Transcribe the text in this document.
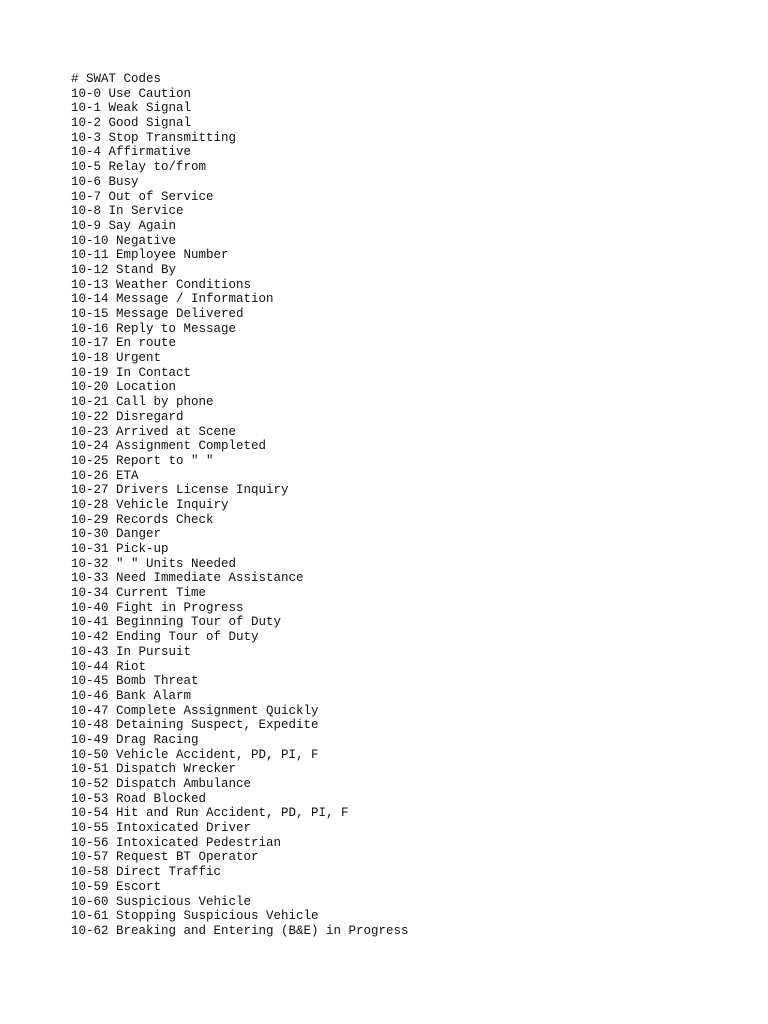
# SWAT Codes
10-0 Use Caution
10-1 Weak Signal
10-2 Good Signal
10-3 Stop Transmitting
10-4 Affirmative
10-5 Relay to/from
10-6 Busy
10-7 Out of Service
10-8 In Service
10-9 Say Again
10-10 Negative
10-11 Employee Number
10-12 Stand By
10-13 Weather Conditions
10-14 Message / Information
10-15 Message Delivered
10-16 Reply to Message
10-17 En route
10-18 Urgent
10-19 In Contact
10-20 Location
10-21 Call by phone
10-22 Disregard
10-23 Arrived at Scene
10-24 Assignment Completed
10-25 Report to " "
10-26 ETA
10-27 Drivers License Inquiry
10-28 Vehicle Inquiry
10-29 Records Check
10-30 Danger
10-31 Pick-up
10-32 " " Units Needed
10-33 Need Immediate Assistance
10-34 Current Time
10-40 Fight in Progress
10-41 Beginning Tour of Duty
10-42 Ending Tour of Duty
10-43 In Pursuit
10-44 Riot
10-45 Bomb Threat
10-46 Bank Alarm
10-47 Complete Assignment Quickly
10-48 Detaining Suspect, Expedite
10-49 Drag Racing
10-50 Vehicle Accident, PD, PI, F
10-51 Dispatch Wrecker
10-52 Dispatch Ambulance
10-53 Road Blocked
10-54 Hit and Run Accident, PD, PI, F
10-55 Intoxicated Driver
10-56 Intoxicated Pedestrian
10-57 Request BT Operator
10-58 Direct Traffic
10-59 Escort
10-60 Suspicious Vehicle
10-61 Stopping Suspicious Vehicle
10-62 Breaking and Entering (B&E) in Progress
